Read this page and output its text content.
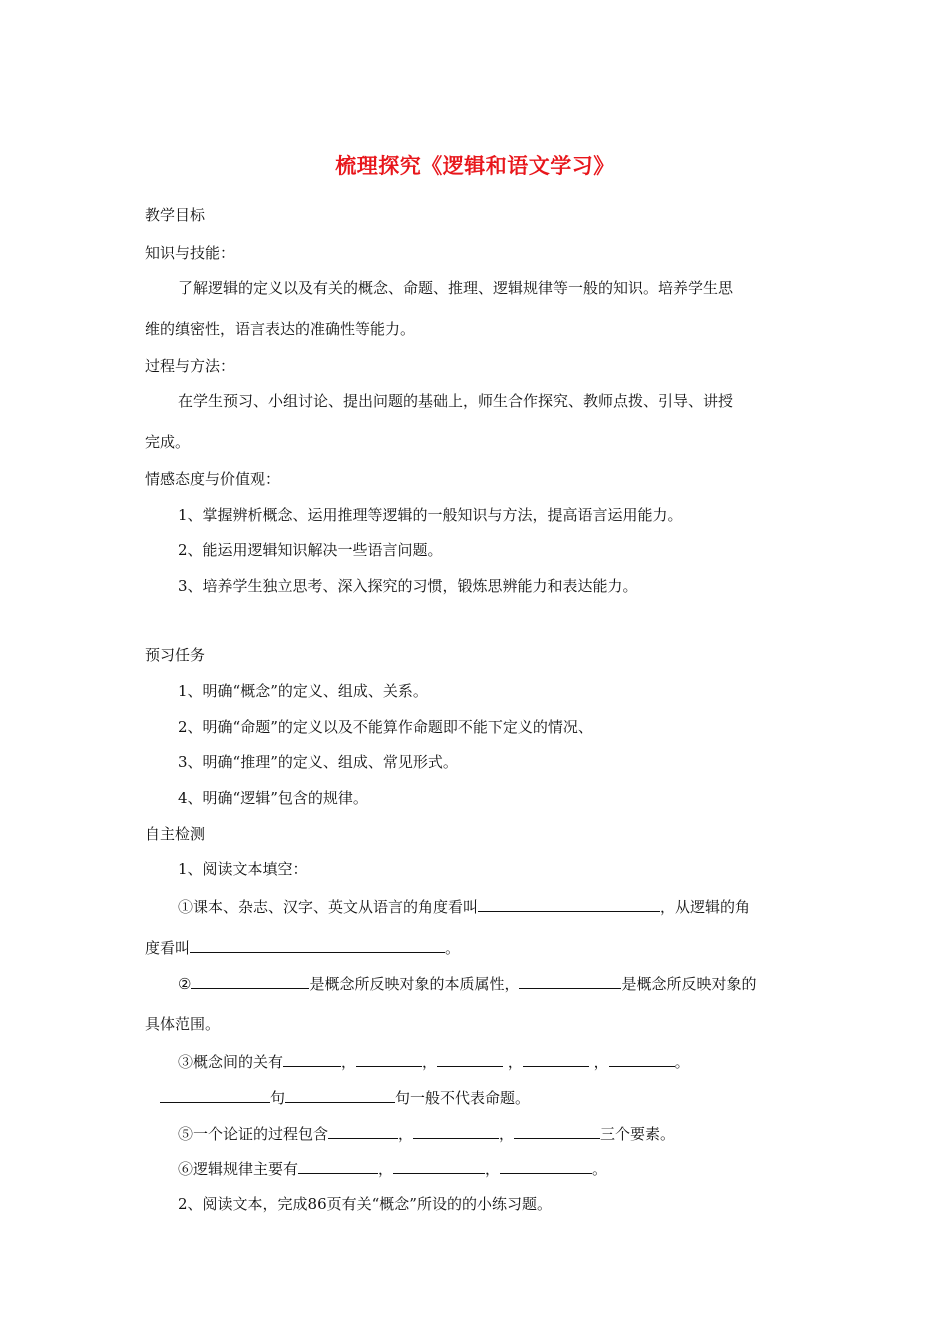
梳理探究《逻辑和语文学习》
教学目标
知识与技能：
了解逻辑的定义以及有关的概念、命题、推理、逻辑规律等一般的知识。培养学生思
维的缜密性，语言表达的准确性等能力。
过程与方法：
在学生预习、小组讨论、提出问题的基础上，师生合作探究、教师点拨、引导、讲授
完成。
情感态度与价值观：
1、掌握辨析概念、运用推理等逻辑的一般知识与方法，提高语言运用能力。
2、能运用逻辑知识解决一些语言问题。
3、培养学生独立思考、深入探究的习惯，锻炼思辨能力和表达能力。
预习任务
1、明确“概念”的定义、组成、关系。
2、明确“命题”的定义以及不能算作命题即不能下定义的情况、
3、明确“推理”的定义、组成、常见形式。
4、明确“逻辑”包含的规律。
自主检测
1、阅读文本填空：
①课本、杂志、汉字、英文从语言的角度看叫	，从逻辑的角
度看叫	。
②	是概念所反映对象的本质属性，	是概念所反映对象的
具体范围。
③概念间的关有	，	，	，	，	。
句	句一般不代表命题。
⑤一个论证的过程包含	，	，	三个要素。
⑥逻辑规律主要有	，	，	。
2、阅读文本，完成86页有关“概念”所设的的小练习题。
